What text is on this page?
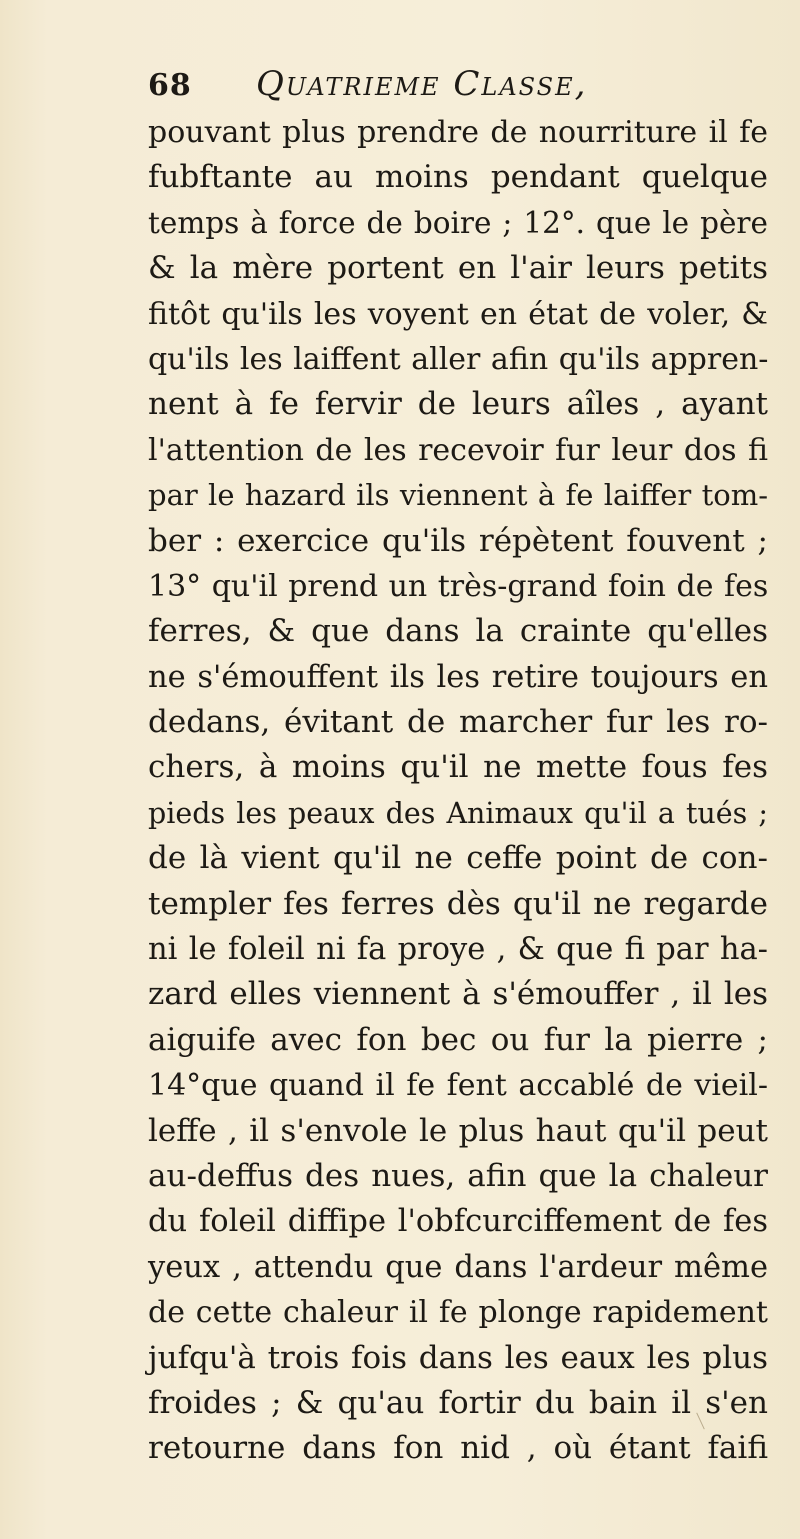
68 Quatrieme Classe,
pouvant plus prendre de nourriture il fe
fubftante au moins pendant quelque
temps à force de boire ; 12°. que le père
& la mère portent en l'air leurs petits
fitôt qu'ils les voyent en état de voler, &
qu'ils les laiffent aller afin qu'ils appren-
nent à fe fervir de leurs aîles , ayant
l'attention de les recevoir fur leur dos fi
par le hazard ils viennent à fe laiffer tom-
ber : exercice qu'ils répètent fouvent ;
13° qu'il prend un très-grand foin de fes
ferres, & que dans la crainte qu'elles
ne s'émouffent ils les retire toujours en
dedans, évitant de marcher fur les ro-
chers, à moins qu'il ne mette fous fes
pieds les peaux des Animaux qu'il a tués ;
de là vient qu'il ne ceffe point de con-
templer fes ferres dès qu'il ne regarde
ni le foleil ni fa proye , & que fi par ha-
zard elles viennent à s'émouffer , il les
aiguife avec fon bec ou fur la pierre ;
14°que quand il fe fent accablé de vieil-
leffe , il s'envole le plus haut qu'il peut
au-deffus des nues, afin que la chaleur
du foleil diffipe l'obfcurciffement de fes
yeux , attendu que dans l'ardeur même
de cette chaleur il fe plonge rapidement
jufqu'à trois fois dans les eaux les plus
froides ; & qu'au fortir du bain il s'en
retourne dans fon nid , où étant faifi
